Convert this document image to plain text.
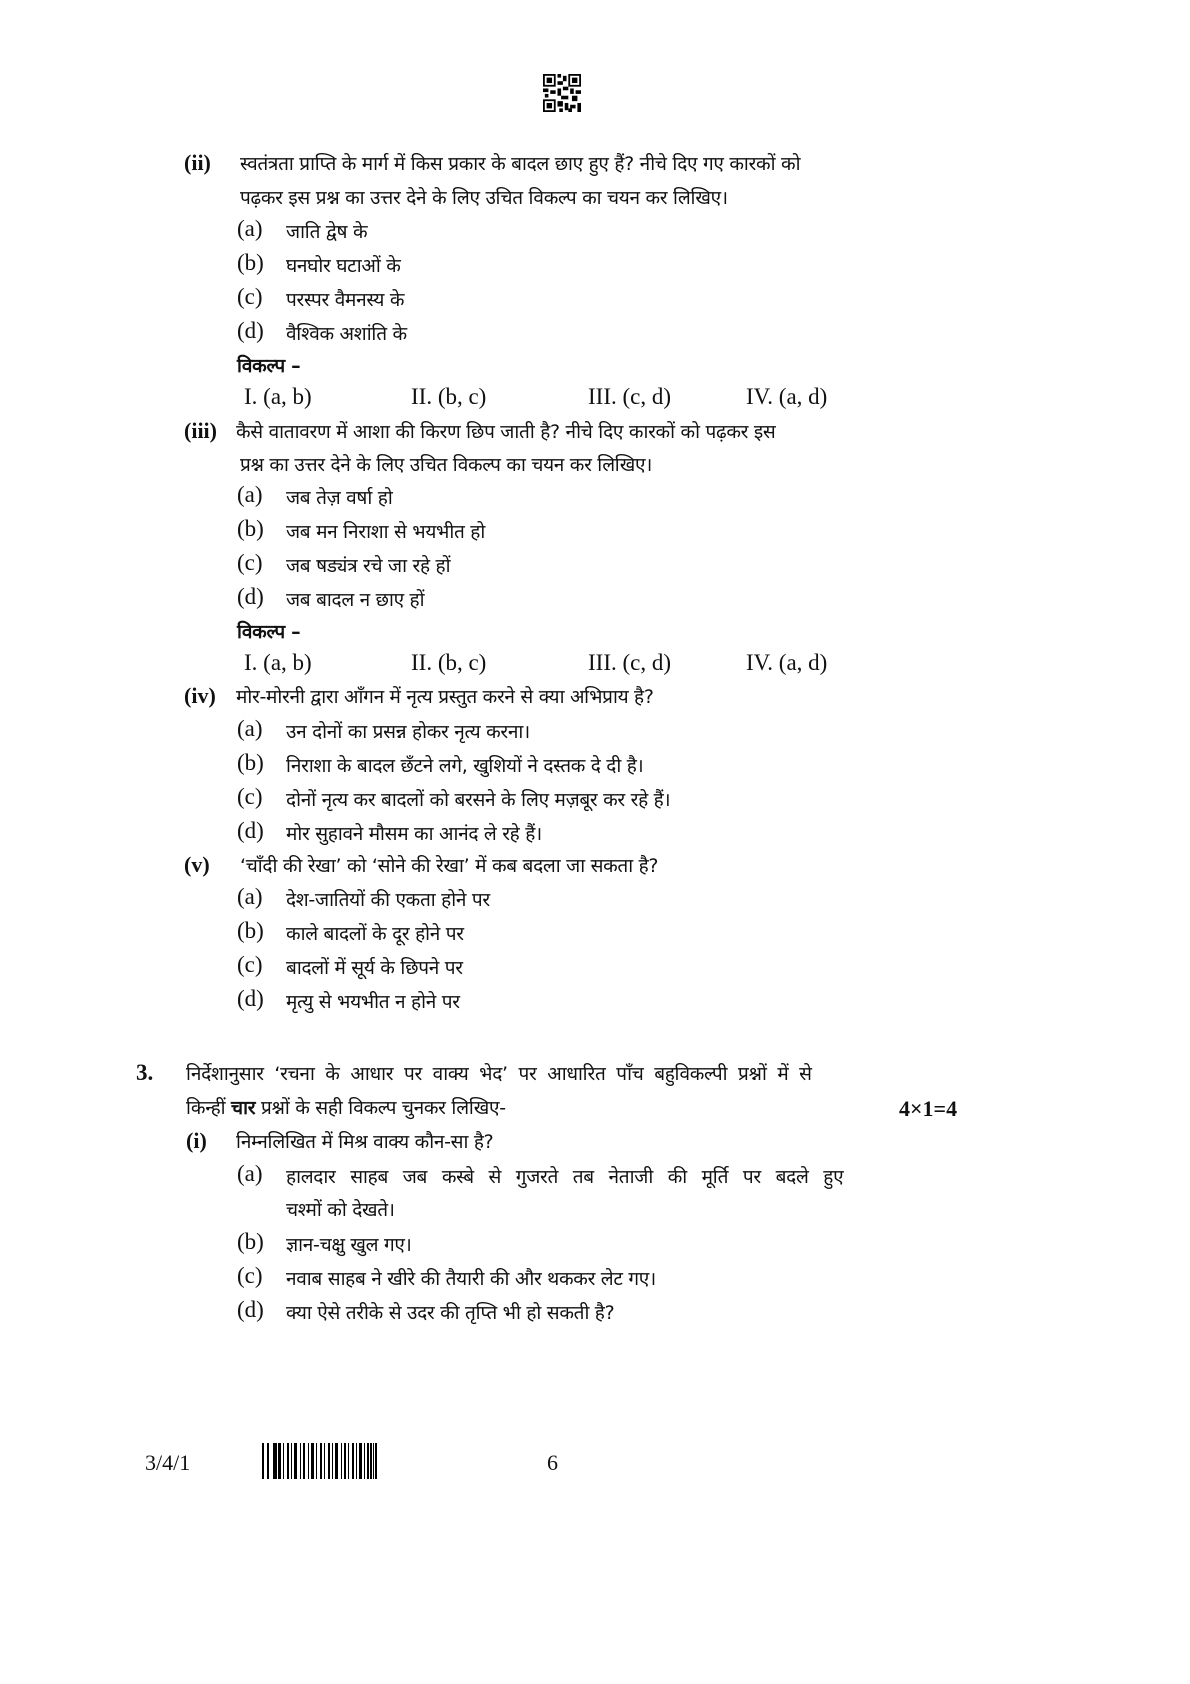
(ii) स्वतंत्रता प्राप्ति के मार्ग में किस प्रकार के बादल छाए हुए हैं? नीचे दिए गए कारकों को
पढ़कर इस प्रश्न का उत्तर देने के लिए उचित विकल्प का चयन कर लिखिए।
(a) जाति द्वेष के
(b) घनघोर घटाओं के
(c) परस्पर वैमनस्य के
(d) वैश्विक अशांति के
विकल्प –
I. (a, b)	II. (b, c)	III. (c, d)	IV. (a, d)
(iii) कैसे वातावरण में आशा की किरण छिप जाती है? नीचे दिए कारकों को पढ़कर इस
प्रश्न का उत्तर देने के लिए उचित विकल्प का चयन कर लिखिए।
(a) जब तेज़ वर्षा हो
(b) जब मन निराशा से भयभीत हो
(c) जब षड्यंत्र रचे जा रहे हों
(d) जब बादल न छाए हों
विकल्प –
I. (a, b)	II. (b, c)	III. (c, d)	IV. (a, d)
(iv) मोर-मोरनी द्वारा आँगन में नृत्य प्रस्तुत करने से क्या अभिप्राय है?
(a) उन दोनों का प्रसन्न होकर नृत्य करना।
(b) निराशा के बादल छँटने लगे, खुशियों ने दस्तक दे दी है।
(c) दोनों नृत्य कर बादलों को बरसने के लिए मज़बूर कर रहे हैं।
(d) मोर सुहावने मौसम का आनंद ले रहे हैं।
(v) ‘चाँदी की रेखा’ को ‘सोने की रेखा’ में कब बदला जा सकता है?
(a) देश-जातियों की एकता होने पर
(b) काले बादलों के दूर होने पर
(c) बादलों में सूर्य के छिपने पर
(d) मृत्यु से भयभीत न होने पर
3. निर्देशानुसार ‘रचना के आधार पर वाक्य भेद’ पर आधारित पाँच बहुविकल्पी प्रश्नों में से
किन्हीं चार प्रश्नों के सही विकल्प चुनकर लिखिए-	4×1=4
(i) निम्नलिखित में मिश्र वाक्य कौन-सा है?
(a) हालदार साहब जब कस्बे से गुजरते तब नेताजी की मूर्ति पर बदले हुए
चश्मों को देखते।
(b) ज्ञान-चक्षु खुल गए।
(c) नवाब साहब ने खीरे की तैयारी की और थककर लेट गए।
(d) क्या ऐसे तरीके से उदर की तृप्ति भी हो सकती है?
3/4/1	6
